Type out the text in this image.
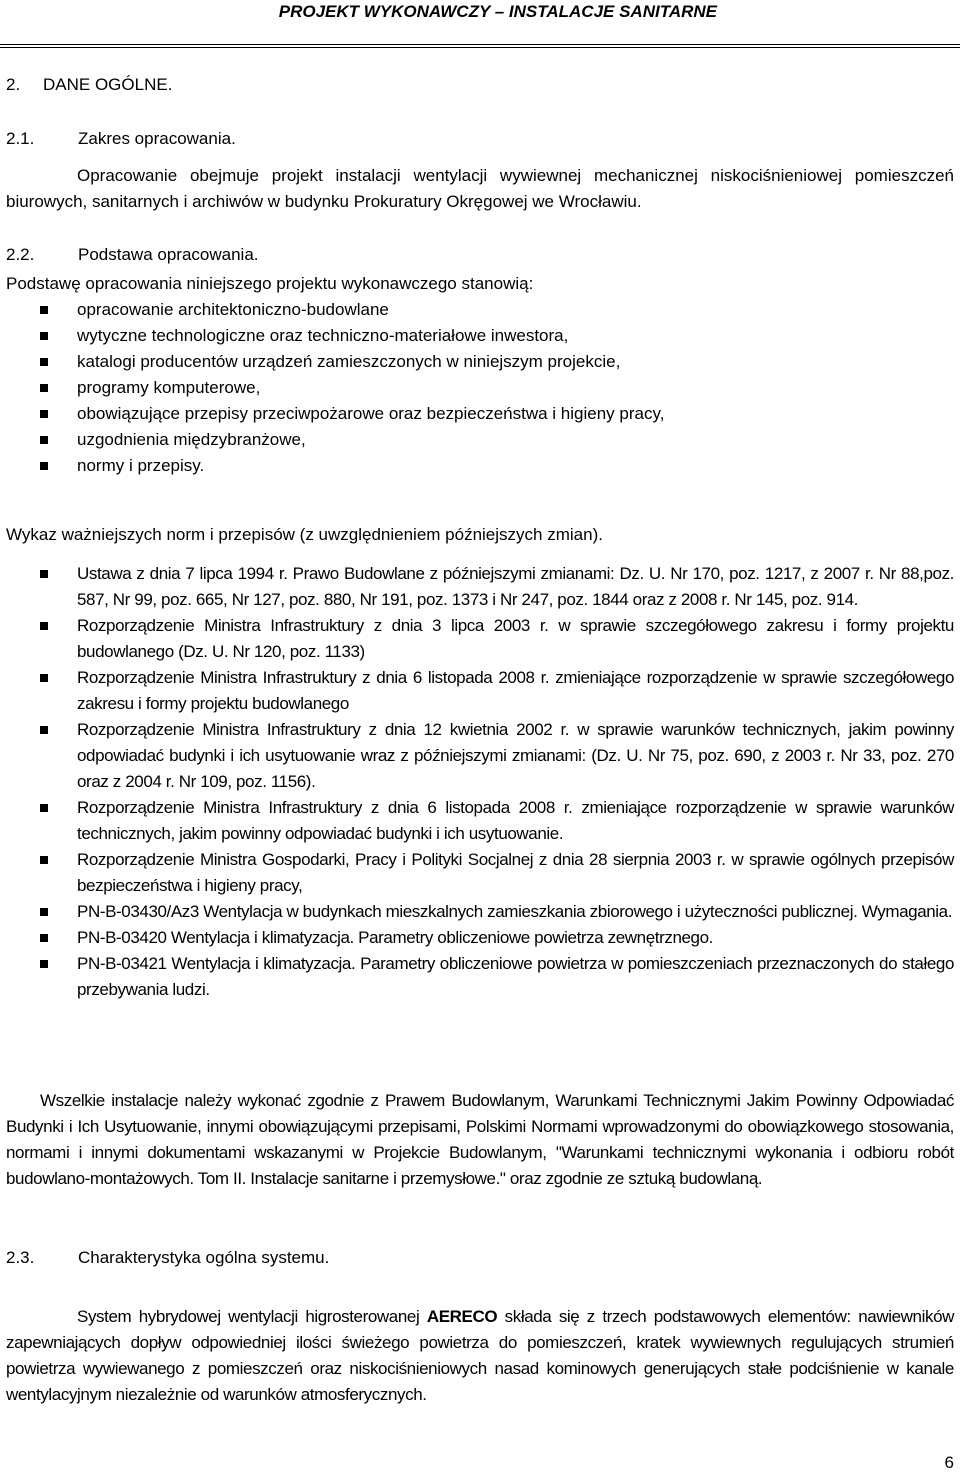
PROJEKT WYKONAWCZY – INSTALACJE SANITARNE
2.	DANE OGÓLNE.
2.1.	Zakres opracowania.
Opracowanie obejmuje projekt instalacji wentylacji wywiewnej mechanicznej niskociśnieniowej pomieszczeń biurowych, sanitarnych i archiwów w budynku Prokuratury Okręgowej we Wrocławiu.
2.2.	Podstawa opracowania.
Podstawę opracowania niniejszego projektu wykonawczego stanowią:
opracowanie architektoniczno-budowlane
wytyczne technologiczne oraz techniczno-materiałowe inwestora,
katalogi producentów urządzeń zamieszczonych w niniejszym projekcie,
programy komputerowe,
obowiązujące przepisy przeciwpożarowe oraz bezpieczeństwa i higieny pracy,
uzgodnienia międzybranżowe,
normy i przepisy.
Wykaz ważniejszych norm i przepisów (z uwzględnieniem późniejszych zmian).
Ustawa z dnia 7 lipca 1994 r. Prawo Budowlane z późniejszymi zmianami: Dz. U. Nr 170, poz. 1217, z 2007 r. Nr 88,poz. 587, Nr 99, poz. 665, Nr 127, poz. 880, Nr 191, poz. 1373 i Nr 247, poz. 1844 oraz z 2008 r. Nr 145, poz. 914.
Rozporządzenie Ministra Infrastruktury z dnia 3 lipca 2003 r. w sprawie szczegółowego zakresu i formy projektu budowlanego (Dz. U. Nr 120, poz. 1133)
Rozporządzenie Ministra Infrastruktury z dnia 6 listopada 2008 r. zmieniające rozporządzenie w sprawie szczegółowego zakresu i formy projektu budowlanego
Rozporządzenie Ministra Infrastruktury z dnia 12 kwietnia 2002 r. w sprawie warunków technicznych, jakim powinny odpowiadać budynki i ich usytuowanie wraz z późniejszymi zmianami: (Dz. U. Nr 75, poz. 690, z 2003 r. Nr 33, poz. 270 oraz z 2004 r. Nr 109, poz. 1156).
Rozporządzenie Ministra Infrastruktury z dnia 6 listopada 2008 r. zmieniające rozporządzenie w sprawie warunków technicznych, jakim powinny odpowiadać budynki i ich usytuowanie.
Rozporządzenie Ministra Gospodarki, Pracy i Polityki Socjalnej z dnia 28 sierpnia 2003 r. w sprawie ogólnych przepisów bezpieczeństwa i higieny pracy,
PN-B-03430/Az3 Wentylacja w budynkach mieszkalnych zamieszkania zbiorowego i użyteczności publicznej. Wymagania.
PN-B-03420 Wentylacja i klimatyzacja. Parametry obliczeniowe powietrza zewnętrznego.
PN-B-03421 Wentylacja i klimatyzacja. Parametry obliczeniowe powietrza w pomieszczeniach przeznaczonych do stałego przebywania ludzi.
Wszelkie instalacje należy wykonać zgodnie z Prawem Budowlanym, Warunkami Technicznymi Jakim Powinny Odpowiadać Budynki i Ich Usytuowanie, innymi obowiązującymi przepisami, Polskimi Normami wprowadzonymi do obowiązkowego stosowania, normami i innymi dokumentami wskazanymi w Projekcie Budowlanym, "Warunkami technicznymi wykonania i odbioru robót budowlano-montażowych. Tom II. Instalacje sanitarne i przemysłowe." oraz zgodnie ze sztuką budowlaną.
2.3.	Charakterystyka ogólna systemu.
System hybrydowej wentylacji higrosterowanej AERECO składa się z trzech podstawowych elementów: nawiewników zapewniających dopływ odpowiedniej ilości świeżego powietrza do pomieszczeń, kratek wywiewnych regulujących strumień powietrza wywiewanego z pomieszczeń oraz niskociśnieniowych nasad kominowych generujących stałe podciśnienie w kanale wentylacyjnym niezależnie od warunków atmosferycznych.
6
